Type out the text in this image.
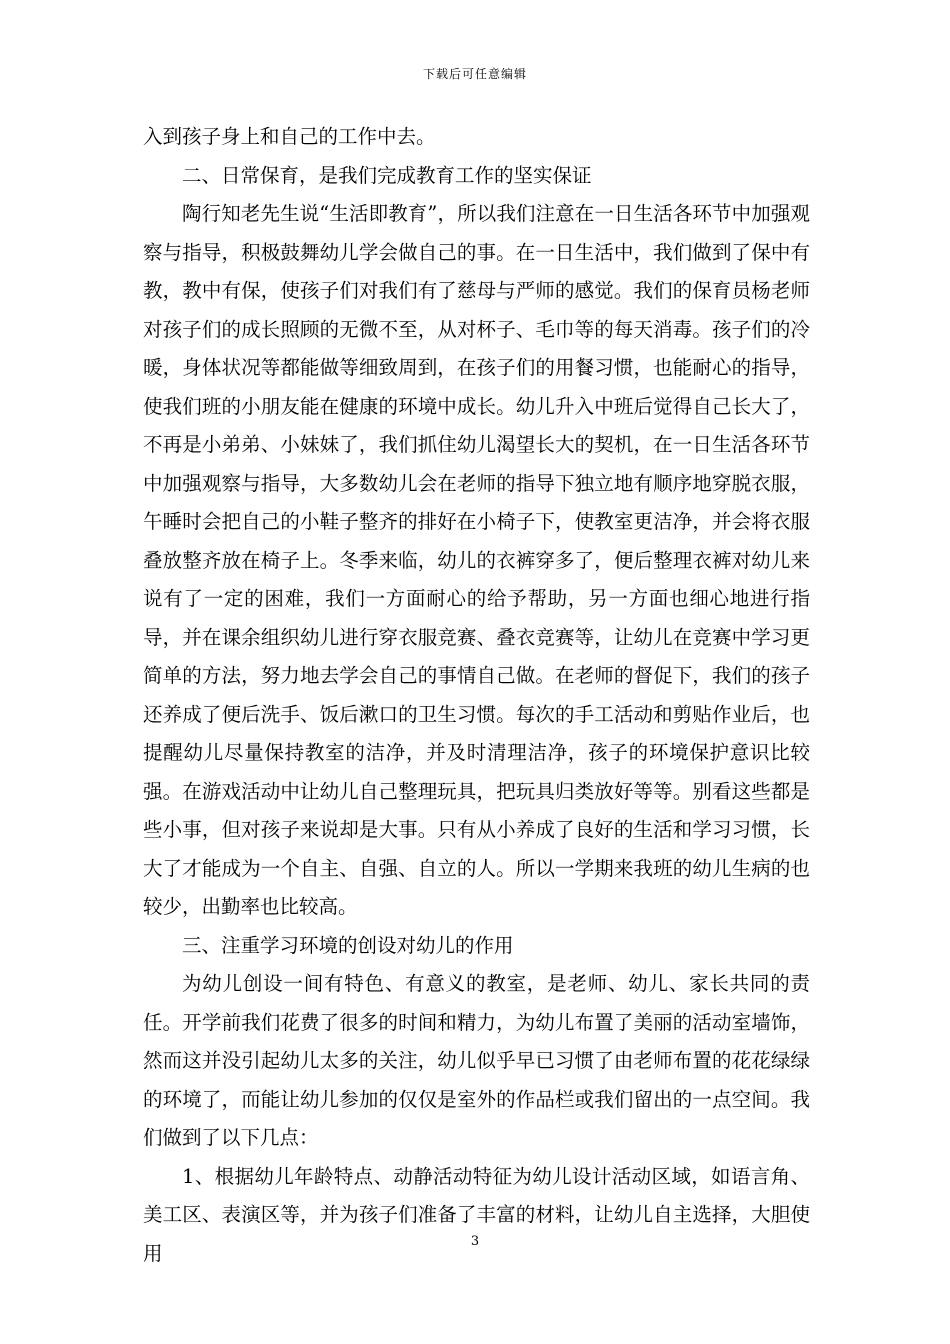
下载后可任意编辑

入到孩子身上和自己的工作中去。

二、日常保育，是我们完成教育工作的坚实保证

陶行知老先生说“生活即教育”，所以我们注意在一日生活各环节中加强观察与指导，积极鼓舞幼儿学会做自己的事。在一日生活中，我们做到了保中有教，教中有保，使孩子们对我们有了慈母与严师的感觉。我们的保育员杨老师对孩子们的成长照顾的无微不至，从对杯子、毛巾等的每天消毒。孩子们的冷暖，身体状况等都能做等细致周到，在孩子们的用餐习惯，也能耐心的指导，使我们班的小朋友能在健康的环境中成长。幼儿升入中班后觉得自己长大了，不再是小弟弟、小妹妹了，我们抓住幼儿渴望长大的契机，在一日生活各环节中加强观察与指导，大多数幼儿会在老师的指导下独立地有顺序地穿脱衣服，午睡时会把自己的小鞋子整齐的排好在小椅子下，使教室更洁净，并会将衣服叠放整齐放在椅子上。冬季来临，幼儿的衣裤穿多了，便后整理衣裤对幼儿来说有了一定的困难，我们一方面耐心的给予帮助，另一方面也细心地进行指导，并在课余组织幼儿进行穿衣服竞赛、叠衣竞赛等，让幼儿在竞赛中学习更简单的方法，努力地去学会自己的事情自己做。在老师的督促下，我们的孩子还养成了便后洗手、饭后漱口的卫生习惯。每次的手工活动和剪贴作业后，也提醒幼儿尽量保持教室的洁净，并及时清理洁净，孩子的环境保护意识比较强。在游戏活动中让幼儿自己整理玩具，把玩具归类放好等等。别看这些都是些小事，但对孩子来说却是大事。只有从小养成了良好的生活和学习习惯，长大了才能成为一个自主、自强、自立的人。所以一学期来我班的幼儿生病的也较少，出勤率也比较高。

三、注重学习环境的创设对幼儿的作用

为幼儿创设一间有特色、有意义的教室，是老师、幼儿、家长共同的责任。开学前我们花费了很多的时间和精力，为幼儿布置了美丽的活动室墙饰，然而这并没引起幼儿太多的关注，幼儿似乎早已习惯了由老师布置的花花绿绿的环境了，而能让幼儿参加的仅仅是室外的作品栏或我们留出的一点空间。我们做到了以下几点：

1、根据幼儿年龄特点、动静活动特征为幼儿设计活动区域，如语言角、美工区、表演区等，并为孩子们准备了丰富的材料，让幼儿自主选择，大胆使用	3
